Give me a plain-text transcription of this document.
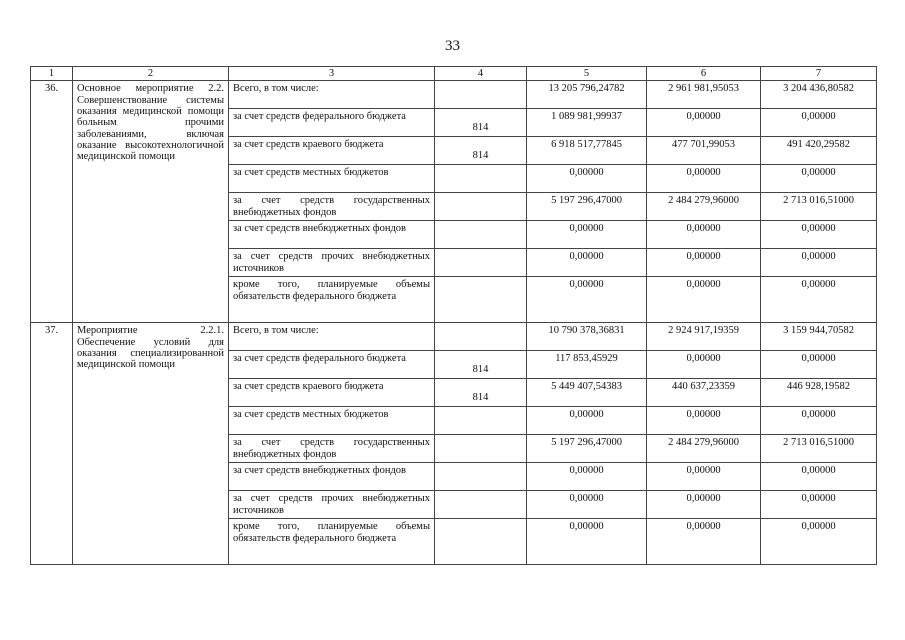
33
1	2	3	4	5	6	7
36.	Основное мероприятие 2.2. Совершенствование системы оказания медицинской помощи больным прочими заболеваниями, включая оказание высокотехнологичной медицинской помощи	Всего, в том числе:		13 205 796,24782	2 961 981,95053	3 204 436,80582
		за счет средств федерального бюджета	814	1 089 981,99937	0,00000	0,00000
		за счет средств краевого бюджета	814	6 918 517,77845	477 701,99053	491 420,29582
		за счет средств местных бюджетов		0,00000	0,00000	0,00000
		за счет средств государственных внебюджетных фондов		5 197 296,47000	2 484 279,96000	2 713 016,51000
		за счет средств внебюджетных фондов		0,00000	0,00000	0,00000
		за счет средств прочих внебюджетных источников		0,00000	0,00000	0,00000
		кроме того, планируемые объемы обязательств федерального бюджета		0,00000	0,00000	0,00000
37.	Мероприятие 2.2.1. Обеспечение условий для оказания специализированной медицинской помощи	Всего, в том числе:		10 790 378,36831	2 924 917,19359	3 159 944,70582
		за счет средств федерального бюджета	814	117 853,45929	0,00000	0,00000
		за счет средств краевого бюджета	814	5 449 407,54383	440 637,23359	446 928,19582
		за счет средств местных бюджетов		0,00000	0,00000	0,00000
		за счет средств государственных внебюджетных фондов		5 197 296,47000	2 484 279,96000	2 713 016,51000
		за счет средств внебюджетных фондов		0,00000	0,00000	0,00000
		за счет средств прочих внебюджетных источников		0,00000	0,00000	0,00000
		кроме того, планируемые объемы обязательств федерального бюджета		0,00000	0,00000	0,00000
